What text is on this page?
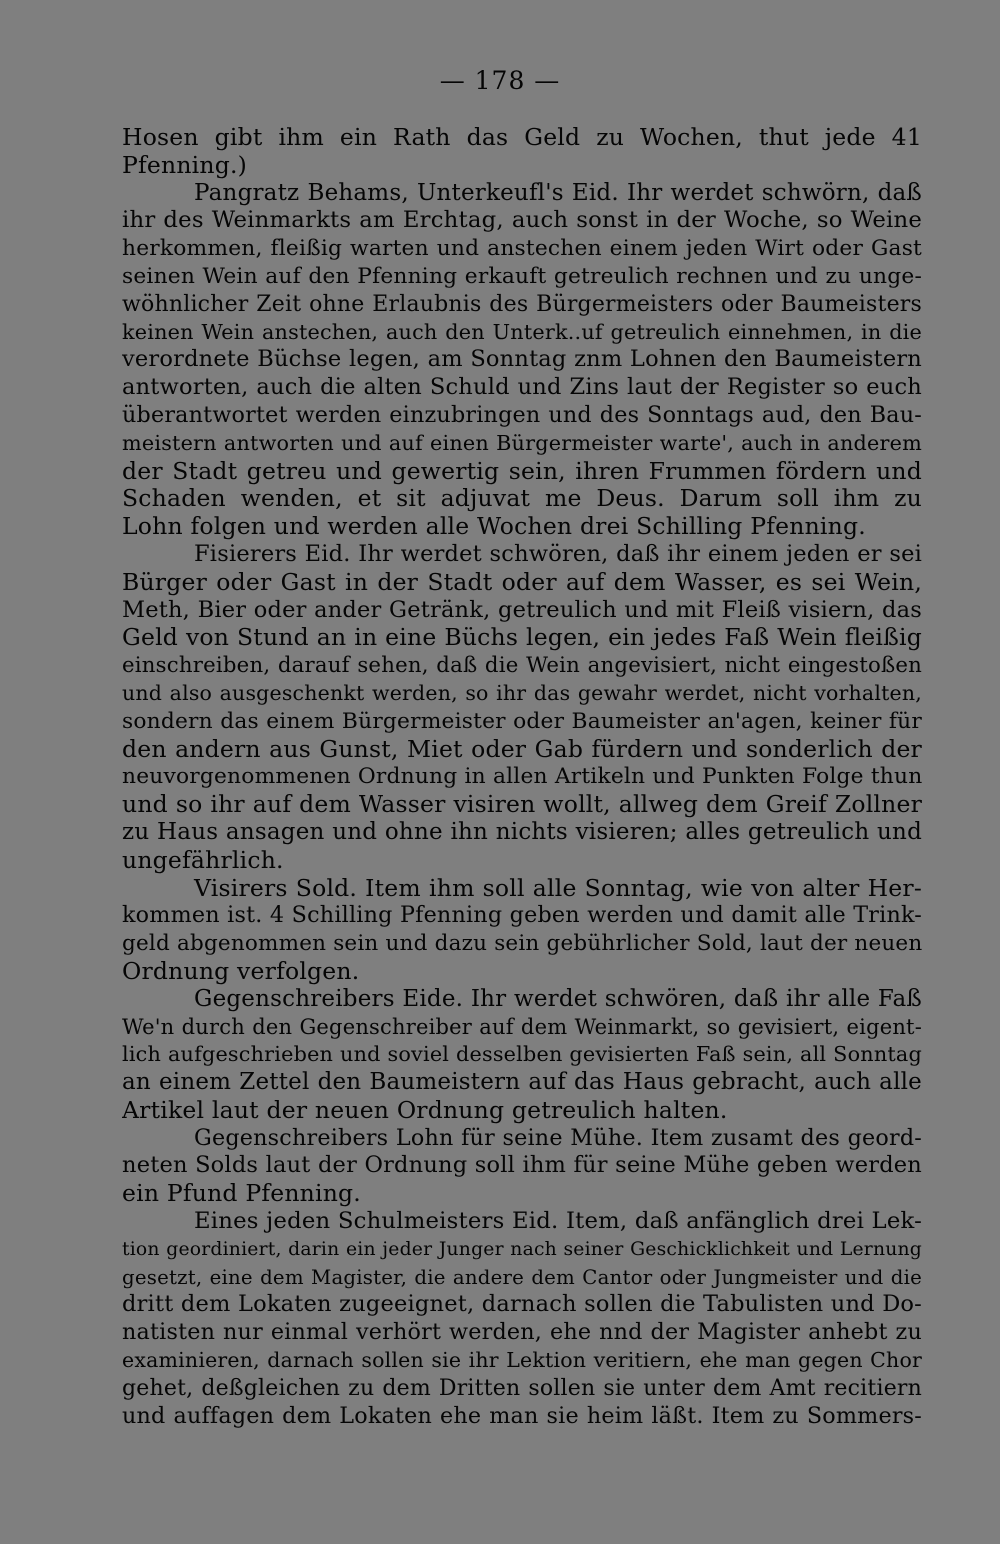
— 178 —

Hosen gibt ihm ein Rath das Geld zu Wochen, thut jede 41

Pfenning.)

Pangratz Behams, Unterkeufl's Eid. Ihr werdet schwörn, daß

ihr des Weinmarkts am Erchtag, auch sonst in der Woche, so Weine

herkommen, fleißig warten und anstechen einem jeden Wirt oder Gast

seinen Wein auf den Pfenning erkauft getreulich rechnen und zu unge-

wöhnlicher Zeit ohne Erlaubnis des Bürgermeisters oder Baumeisters

keinen Wein anstechen, auch den Unterk..uf getreulich einnehmen, in die

verordnete Büchse legen, am Sonntag znm Lohnen den Baumeistern

antworten, auch die alten Schuld und Zins laut der Register so euch

überantwortet werden einzubringen und des Sonntags aud, den Bau-

meistern antworten und auf einen Bürgermeister warte', auch in anderem

der Stadt getreu und gewertig sein, ihren Frummen fördern und

Schaden wenden, et sit adjuvat me Deus. Darum soll ihm zu

Lohn folgen und werden alle Wochen drei Schilling Pfenning.

Fisierers Eid. Ihr werdet schwören, daß ihr einem jeden er sei

Bürger oder Gast in der Stadt oder auf dem Wasser, es sei Wein,

Meth, Bier oder ander Getränk, getreulich und mit Fleiß visiern, das

Geld von Stund an in eine Büchs legen, ein jedes Faß Wein fleißig

einschreiben, darauf sehen, daß die Wein angevisiert, nicht eingestoßen

und also ausgeschenkt werden, so ihr das gewahr werdet, nicht vorhalten,

sondern das einem Bürgermeister oder Baumeister an'agen, keiner für

den andern aus Gunst, Miet oder Gab fürdern und sonderlich der

neuvorgenommenen Ordnung in allen Artikeln und Punkten Folge thun

und so ihr auf dem Wasser visiren wollt, allweg dem Greif Zollner

zu Haus ansagen und ohne ihn nichts visieren; alles getreulich und

ungefährlich.

Visirers Sold. Item ihm soll alle Sonntag, wie von alter Her-

kommen ist. 4 Schilling Pfenning geben werden und damit alle Trink-

geld abgenommen sein und dazu sein gebührlicher Sold, laut der neuen

Ordnung verfolgen.

Gegenschreibers Eide. Ihr werdet schwören, daß ihr alle Faß

We'n durch den Gegenschreiber auf dem Weinmarkt, so gevisiert, eigent-

lich aufgeschrieben und soviel desselben gevisierten Faß sein, all Sonntag

an einem Zettel den Baumeistern auf das Haus gebracht, auch alle

Artikel laut der neuen Ordnung getreulich halten.

Gegenschreibers Lohn für seine Mühe. Item zusamt des geord-

neten Solds laut der Ordnung soll ihm für seine Mühe geben werden

ein Pfund Pfenning.

Eines jeden Schulmeisters Eid. Item, daß anfänglich drei Lek-

tion geordiniert, darin ein jeder Junger nach seiner Geschicklichkeit und Lernung

gesetzt, eine dem Magister, die andere dem Cantor oder Jungmeister und die

dritt dem Lokaten zugeeignet, darnach sollen die Tabulisten und Do-

natisten nur einmal verhört werden, ehe nnd der Magister anhebt zu

examinieren, darnach sollen sie ihr Lektion veritiern, ehe man gegen Chor

gehet, deßgleichen zu dem Dritten sollen sie unter dem Amt recitiern

und auffagen dem Lokaten ehe man sie heim läßt. Item zu Sommers-
